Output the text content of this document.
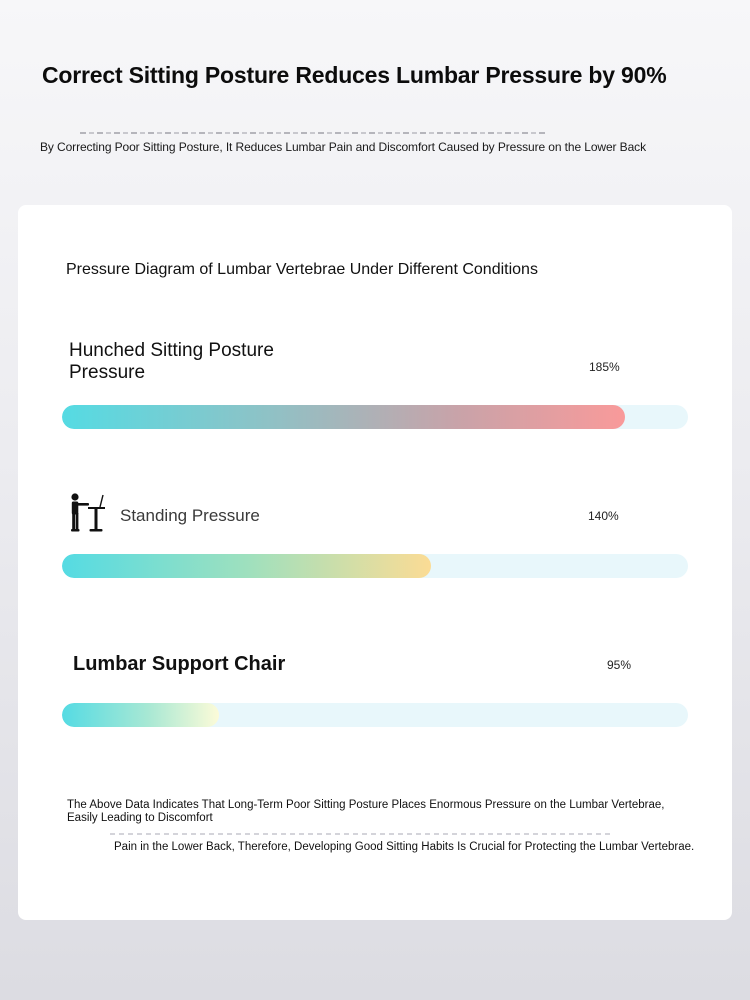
Correct Sitting Posture Reduces Lumbar Pressure by 90%
By Correcting Poor Sitting Posture, It Reduces Lumbar Pain and Discomfort Caused by Pressure on the Lower Back
Pressure Diagram of Lumbar Vertebrae Under Different Conditions
Hunched Sitting Posture Pressure	185%
Standing Pressure	140%
Lumbar Support Chair	95%
The Above Data Indicates That Long-Term Poor Sitting Posture Places Enormous Pressure on the Lumbar Vertebrae, Easily Leading to Discomfort
Pain in the Lower Back, Therefore, Developing Good Sitting Habits Is Crucial for Protecting the Lumbar Vertebrae.
